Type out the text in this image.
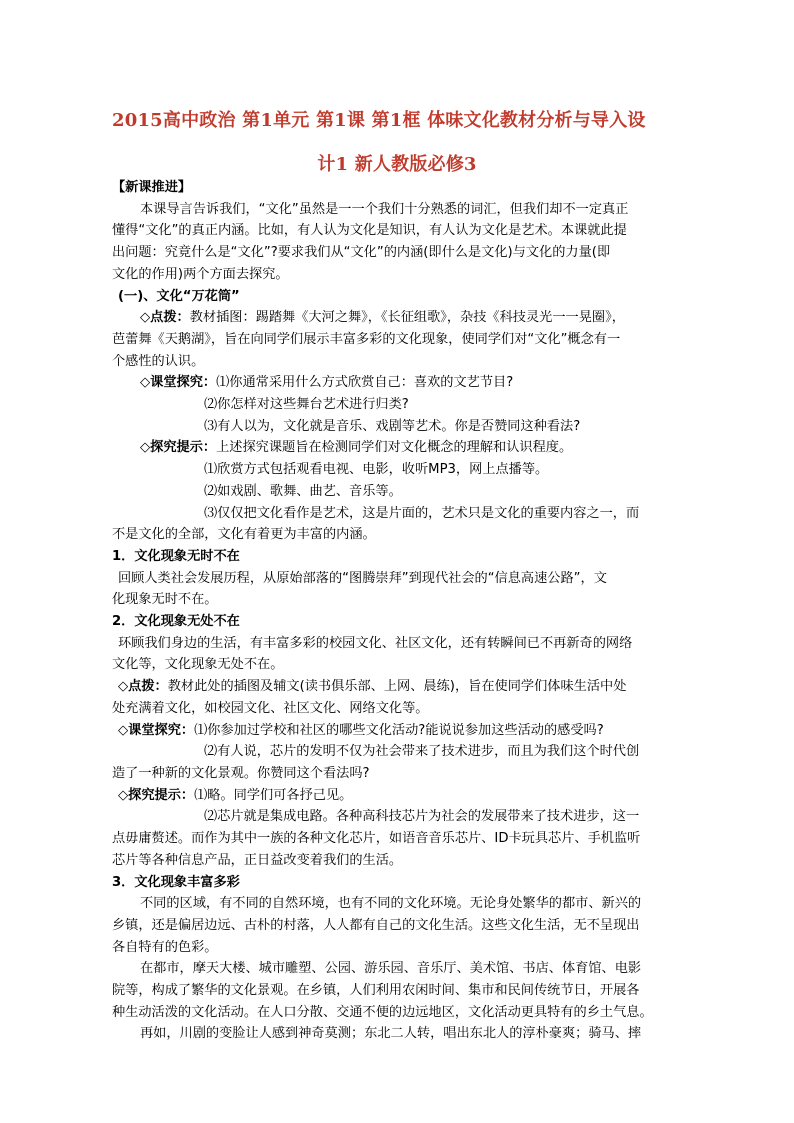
2015高中政治 第1单元 第1课 第1框 体味文化教材分析与导入设
计1 新人教版必修3

【新课推进】

本课导言告诉我们，“文化”虽然是一一个我们十分熟悉的词汇，但我们却不一定真正

懂得“文化”的真正内涵。比如，有人认为文化是知识，有人认为文化是艺术。本课就此提

出问题：究竟什么是“文化”?要求我们从“文化”的内涵(即什么是文化)与文化的力量(即

文化的作用)两个方面去探究。

(一)、文化“万花筒”

◇点拨：教材插图：踢踏舞《大河之舞》，《长征组歌》，杂技《科技灵光一一晃圈》，

芭蕾舞《天鹅湖》，旨在向同学们展示丰富多彩的文化现象，使同学们对“文化”概念有一

个感性的认识。

◇课堂探究：⑴你通常采用什么方式欣赏自己：喜欢的文艺节目?

⑵你怎样对这些舞台艺术进行归类?

⑶有人以为，文化就是音乐、戏剧等艺术。你是否赞同这种看法?

◇探究提示：上述探究课题旨在检测同学们对文化概念的理解和认识程度。

⑴欣赏方式包括观看电视、电影，收听MP3，网上点播等。

⑵如戏剧、歌舞、曲艺、音乐等。

⑶仅仅把文化看作是艺术，这是片面的，艺术只是文化的重要内容之一，而

不是文化的全部，文化有着更为丰富的内涵。

1．文化现象无时不在

回顾人类社会发展历程，从原始部落的“图腾崇拜”到现代社会的“信息高速公路”，文

化现象无时不在。

2．文化现象无处不在

环顾我们身边的生活，有丰富多彩的校园文化、社区文化，还有转瞬间已不再新奇的网络

文化等，文化现象无处不在。

◇点拨：教材此处的插图及辅文(读书俱乐部、上网、晨练)，旨在使同学们体味生活中处

处充满着文化，如校园文化、社区文化、网络文化等。

◇课堂探究：⑴你参加过学校和社区的哪些文化活动?能说说参加这些活动的感受吗?

⑵有人说，芯片的发明不仅为社会带来了技术进步，而且为我们这个时代创

造了一种新的文化景观。你赞同这个看法吗?

◇探究提示：⑴略。同学们可各抒己见。

⑵芯片就是集成电路。各种高科技芯片为社会的发展带来了技术进步，这一

点毋庸赘述。而作为其中一族的各种文化芯片，如语音音乐芯片、ID卡玩具芯片、手机监听

芯片等各种信息产品，正日益改变着我们的生活。

3．文化现象丰富多彩

不同的区域，有不同的自然环境，也有不同的文化环境。无论身处繁华的都市、新兴的

乡镇，还是偏居边远、古朴的村落，人人都有自己的文化生活。这些文化生活，无不呈现出

各自特有的色彩。

在都市，摩天大楼、城市雕塑、公园、游乐园、音乐厅、美术馆、书店、体育馆、电影

院等，构成了繁华的文化景观。在乡镇，人们利用农闲时间、集市和民间传统节日，开展各

种生动活泼的文化活动。在人口分散、交通不便的边远地区，文化活动更具特有的乡土气息。

再如，川剧的变脸让人感到神奇莫测；东北二人转，唱出东北人的淳朴豪爽；骑马、摔
